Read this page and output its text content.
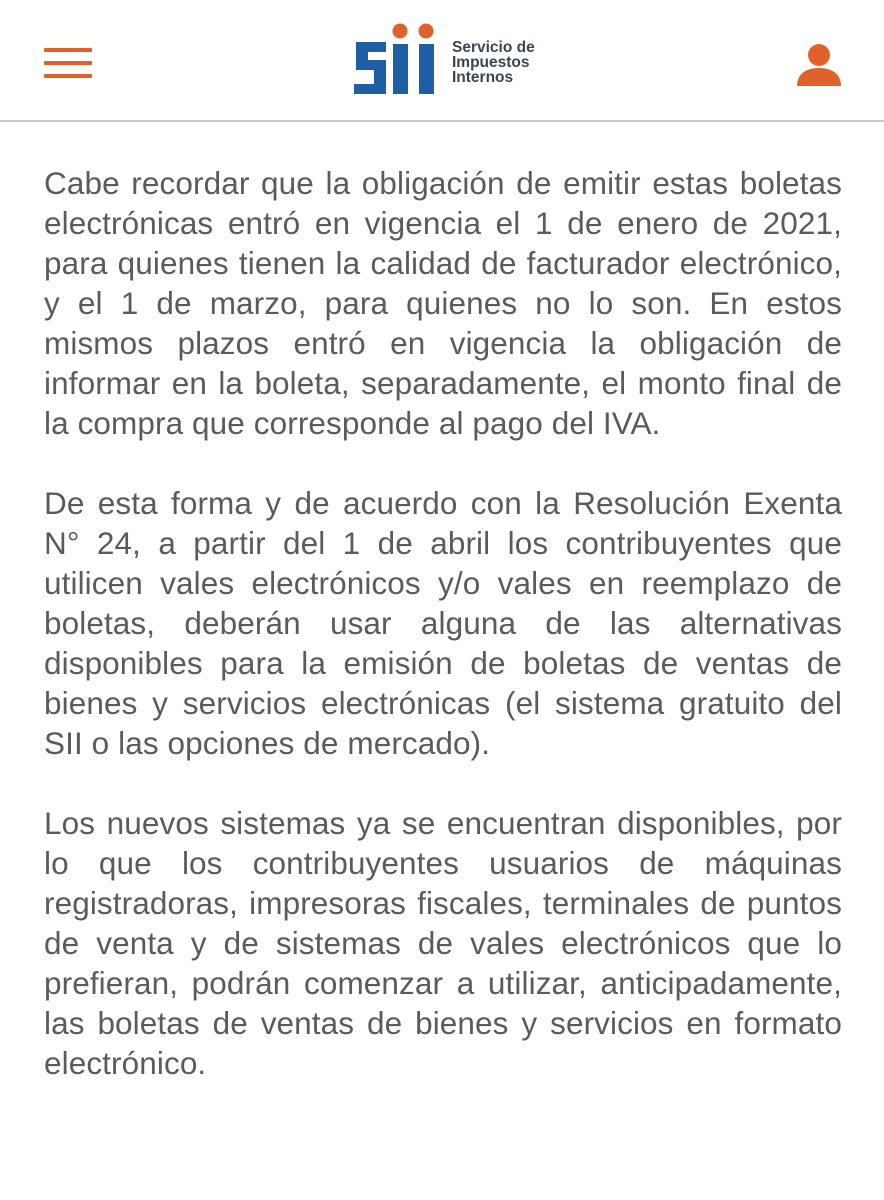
Servicio de
Impuestos
Internos

Cabe recordar que la obligación de emitir estas boletas electrónicas entró en vigencia el 1 de enero de 2021, para quienes tienen la calidad de facturador electrónico, y el 1 de marzo, para quienes no lo son. En estos mismos plazos entró en vigencia la obligación de informar en la boleta, separadamente, el monto final de la compra que corresponde al pago del IVA.

De esta forma y de acuerdo con la Resolución Exenta N° 24, a partir del 1 de abril los contribuyentes que utilicen vales electrónicos y/o vales en reemplazo de boletas, deberán usar alguna de las alternativas disponibles para la emisión de boletas de ventas de bienes y servicios electrónicas (el sistema gratuito del SII o las opciones de mercado).

Los nuevos sistemas ya se encuentran disponibles, por lo que los contribuyentes usuarios de máquinas registradoras, impresoras fiscales, terminales de puntos de venta y de sistemas de vales electrónicos que lo prefieran, podrán comenzar a utilizar, anticipadamente, las boletas de ventas de bienes y servicios en formato electrónico.
